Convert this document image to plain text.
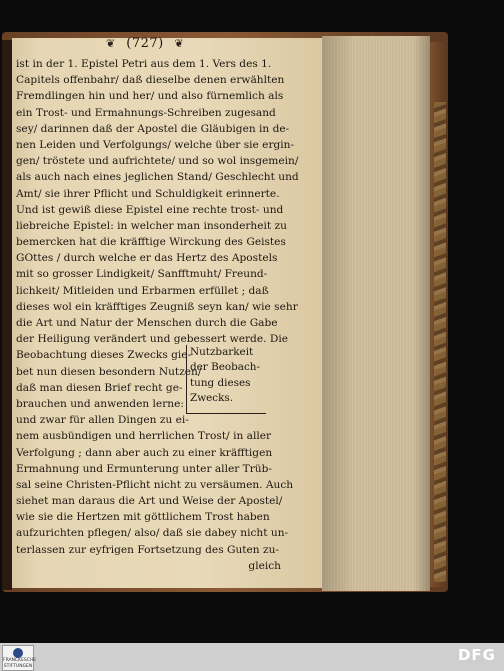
❦ (727) ❦
ist in der 1. Epistel Petri aus dem 1. Vers des 1.
Capitels offenbahr/ daß dieselbe denen erwählten
Fremdlingen hin und her/ und also fürnemlich als
ein Trost- und Ermahnungs-Schreiben zugesand
sey/ darinnen daß der Apostel die Gläubigen in de-
nen Leiden und Verfolgungs/ welche über sie ergin-
gen/ tröstete und aufrichtete/ und so wol insgemein/
als auch nach eines jeglichen Stand/ Geschlecht und
Amt/ sie ihrer Pflicht und Schuldigkeit erinnerte.
Und ist gewiß diese Epistel eine rechte trost- und
liebreiche Epistel: in welcher man insonderheit zu
bemercken hat die kräfftige Wirckung des Geistes
GOttes / durch welche er das Hertz des Apostels
mit so grosser Lindigkeit/ Sanfftmuht/ Freund-
lichkeit/ Mitleiden und Erbarmen erfüllet ; daß
dieses wol ein kräfftiges Zeugniß seyn kan/ wie sehr
die Art und Natur der Menschen durch die Gabe
der Heiligung verändert und gebessert werde. Die
Beobachtung dieses Zwecks gie-
bet nun diesen besondern Nutzen/
daß man diesen Brief recht ge-
brauchen und anwenden lerne:
und zwar für allen Dingen zu ei-
nem ausbündigen und herrlichen Trost/ in aller
Verfolgung ; dann aber auch zu einer kräfftigen
Ermahnung und Ermunterung unter aller Trüb-
sal seine Christen-Pflicht nicht zu versäumen. Auch
siehet man daraus die Art und Weise der Apostel/
wie sie die Hertzen mit göttlichem Trost haben
aufzurichten pflegen/ also/ daß sie dabey nicht un-
terlassen zur eyfrigen Fortsetzung des Guten zu-
gleich
Nutzbarkeit
der Beobach-
tung dieses
Zwecks.
FRANCKESCHE STIFTUNGEN
DFG
